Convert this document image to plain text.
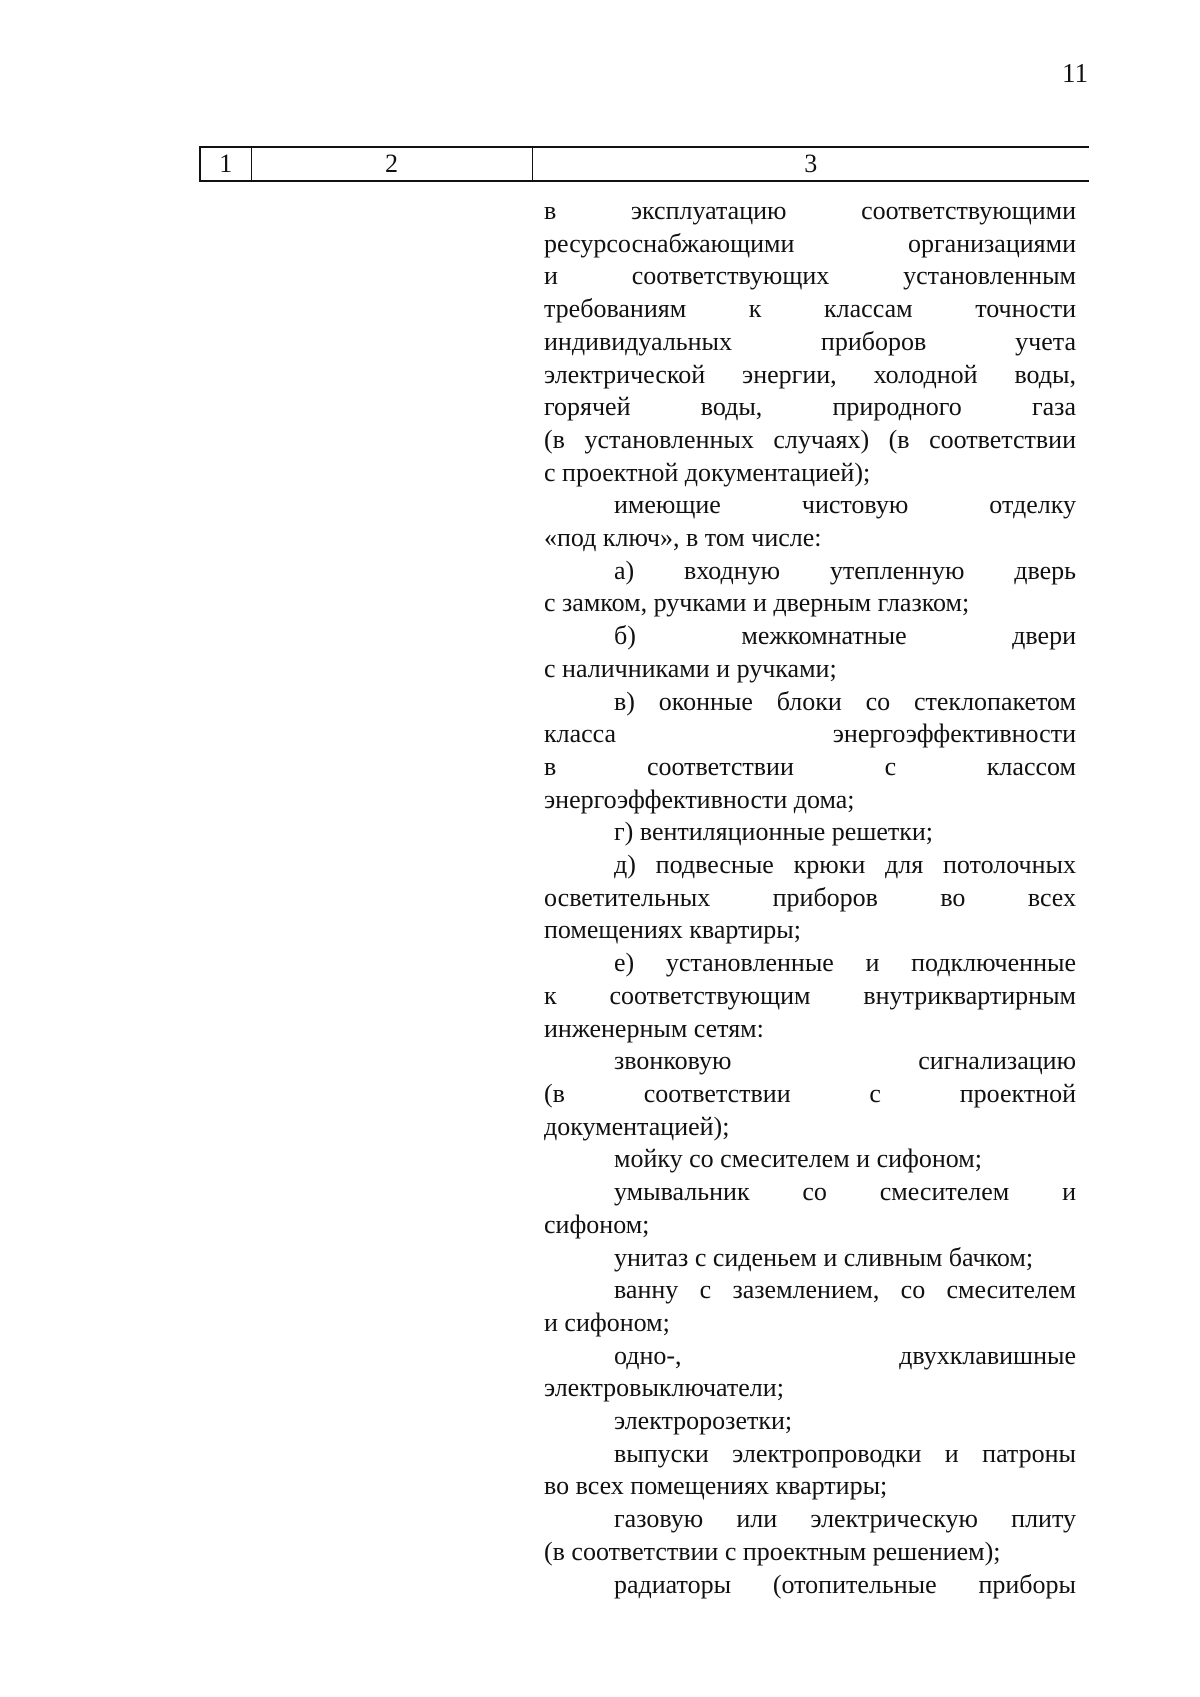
11
1	2	3

в эксплуатацию соответствующими

ресурсоснабжающими организациями

и соответствующих установленным

требованиям к классам точности

индивидуальных приборов учета

электрической энергии, холодной воды,

горячей воды, природного газа

(в установленных случаях) (в соответствии

с проектной документацией);

имеющие чистовую отделку

«под ключ», в том числе:

а) входную утепленную дверь

с замком, ручками и дверным глазком;

б) межкомнатные двери

с наличниками и ручками;

в) оконные блоки со стеклопакетом

класса энергоэффективности

в соответствии с классом

энергоэффективности дома;

г) вентиляционные решетки;

д) подвесные крюки для потолочных

осветительных приборов во всех

помещениях квартиры;

е) установленные и подключенные

к соответствующим внутриквартирным

инженерным сетям:

звонковую сигнализацию

(в соответствии с проектной

документацией);

мойку со смесителем и сифоном;

умывальник со смесителем и

сифоном;

унитаз с сиденьем и сливным бачком;

ванну с заземлением, со смесителем

и сифоном;

одно-, двухклавишные

электровыключатели;

электророзетки;

выпуски электропроводки и патроны

во всех помещениях квартиры;

газовую или электрическую плиту

(в соответствии с проектным решением);

радиаторы (отопительные приборы
